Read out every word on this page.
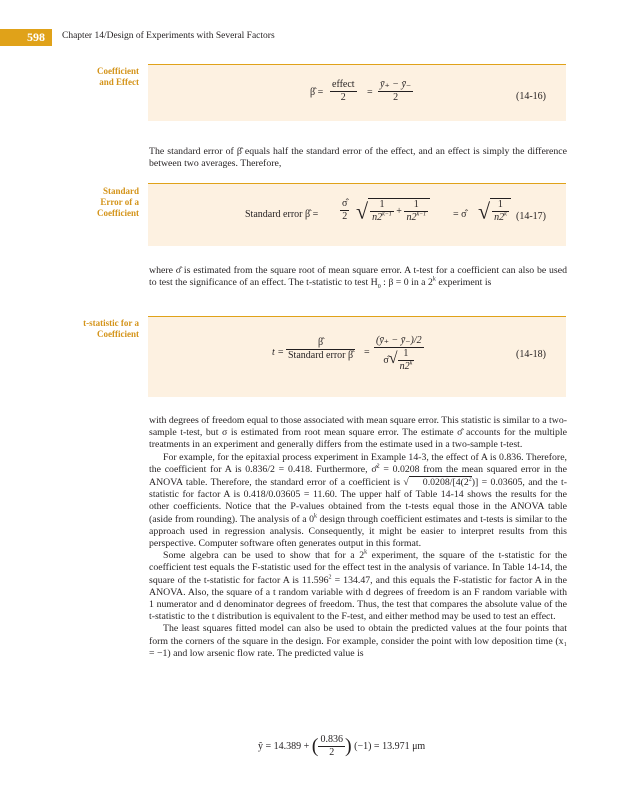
598	Chapter 14/Design of Experiments with Several Factors
Coefficient
and Effect
Standard
Error of a
Coefficient
t-statistic for a
Coefficient
β̂ = $\frac{\text{effect}}{2} = \frac{ȳ_+ - ȳ_-}{2}$	(14-16)

The standard error of β̂ equals half the standard error of the effect, and an effect is simply the difference between two averages. Therefore,

Standard error β̂ = $\frac{\sigmâ}{2}$ √ $\frac{1}{n2^{k-1}} + \frac{1}{n2^{k-1}}$ = σ̂ √ $\frac{1}{n2^k} (14-17)$

where σ̂ is estimated from the square root of mean square error. A t-test for a coefficient can also be used to test the significance of an effect. The t-statistic to test $H_0$ : β = 0 in a 2$^k$ experiment is

$t = \frac{\betâ}{\text{Standard error β̂}} = \frac{(ȳ_+ - ȳ_-)/2}{\sigmâ√ \frac{1}{n2^k}}$	(14-18)

with degrees of freedom equal to those associated with mean square error. This statistic is similar to a two-sample t-test, but σ is estimated from root mean square error. The estimate σ̂ accounts for the multiple treatments in an experiment and generally differs from the estimate used in a two-sample t-test.

For example, for the epitaxial process experiment in Example 14-3, the effect of A is 0.836. Therefore, the coefficient for A is 0.836/2 = 0.418. Furthermore, σ̂$^2$ = 0.0208 from the mean squared error in the ANOVA table. Therefore, the standard error of a coefficient is √ $0.0208/[4(2^2)] = 0.03605$, and the t-statistic for factor A is 0.418/0.03605 = 11.60. The upper half of Table 14-14 shows the results for the other coefficients. Notice that the P-values obtained from the t-tests equal those in the ANOVA table (aside from rounding). The analysis of a 0$^k$ design through coefficient estimates and t-tests is similar to the approach used in regression analysis. Consequently, it might be easier to interpret results from this perspective. Computer software often generates output in this format.

Some algebra can be used to show that for a 2$^k$ experiment, the square of the t-statistic for the coefficient test equals the F-statistic used for the effect test in the analysis of variance. In Table 14-14, the square of the t-statistic for factor A is $11.596^2 = 134.47$, and this equals the F-statistic for factor A in the ANOVA. Also, the square of a t random variable with d degrees of freedom is an F random variable with 1 numerator and d denominator degrees of freedom. Thus, the test that compares the absolute value of the t-statistic to the t distribution is equivalent to the F-test, and either method may be used to test an effect.

The least squares fitted model can also be used to obtain the predicted values at the four points that form the corners of the square in the design. For example, consider the point with low deposition time (x₁ = −1) and low arsenic flow rate. The predicted value is

ŷ = 14.389 + ( $\frac{0.836}{2}$ ) (−1) = 13.971 μm
